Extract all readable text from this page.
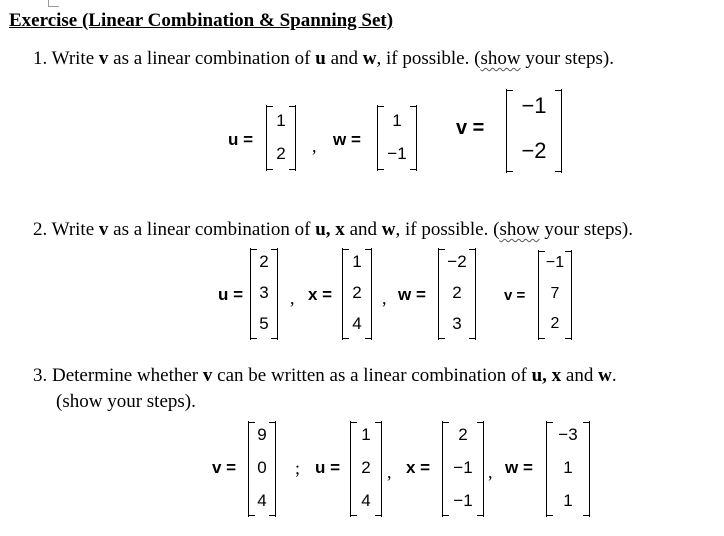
Exercise (Linear Combination & Spanning Set)
1. Write v as a linear combination of u and w, if possible. (show your steps).
u =
1
2	, w =
1
−1
v =
−1
−2
2. Write v as a linear combination of u, x and w, if possible. (show your steps).
u =
2
3
5
, x =
1
2
4
, w =
−2
2
3
v =
−1
7
2
3. Determine whether v can be written as a linear combination of u, x and w.
(show your steps).
v =
9
0
4
; u =
1
2
4
, x =
2
−1
−1
, w =
−3
1
1
